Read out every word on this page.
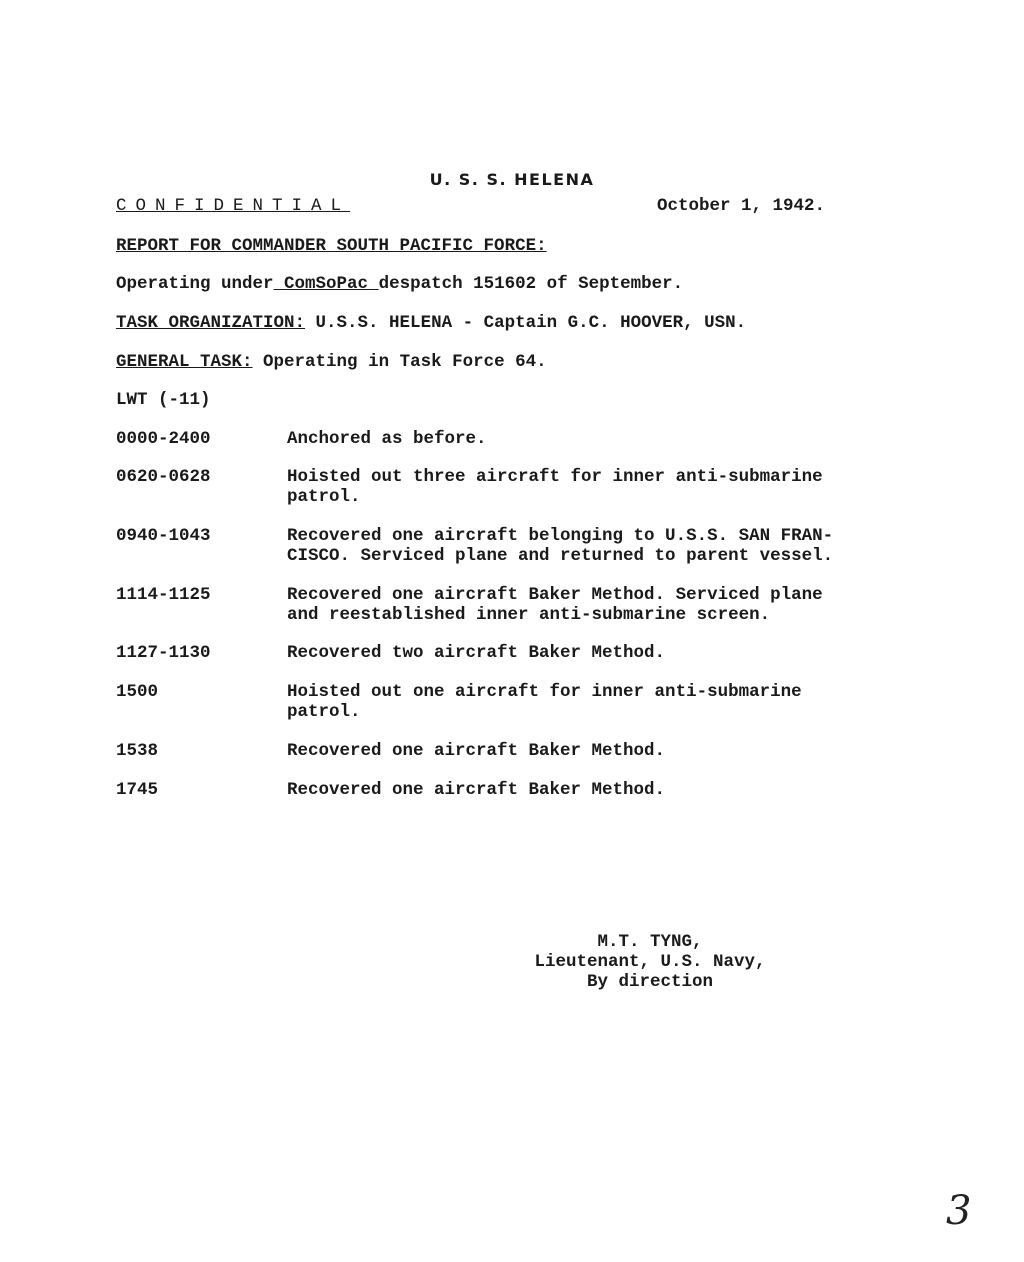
U. S. S. HELENA
CONFIDENTIAL	October 1, 1942.
REPORT FOR COMMANDER SOUTH PACIFIC FORCE:
Operating under ComSoPac despatch 151602 of September.
TASK ORGANIZATION: U.S.S. HELENA - Captain G.C. HOOVER, USN.
GENERAL TASK: Operating in Task Force 64.
LWT (-11)
0000-2400	Anchored as before.
0620-0628	Hoisted out three aircraft for inner anti-submarine
patrol.
0940-1043	Recovered one aircraft belonging to U.S.S. SAN FRAN-
CISCO. Serviced plane and returned to parent vessel.
1114-1125	Recovered one aircraft Baker Method. Serviced plane
and reestablished inner anti-submarine screen.
1127-1130	Recovered two aircraft Baker Method.
1500	Hoisted out one aircraft for inner anti-submarine
patrol.
1538	Recovered one aircraft Baker Method.
1745	Recovered one aircraft Baker Method.
M.T. TYNG,
Lieutenant, U.S. Navy,
By direction
3
